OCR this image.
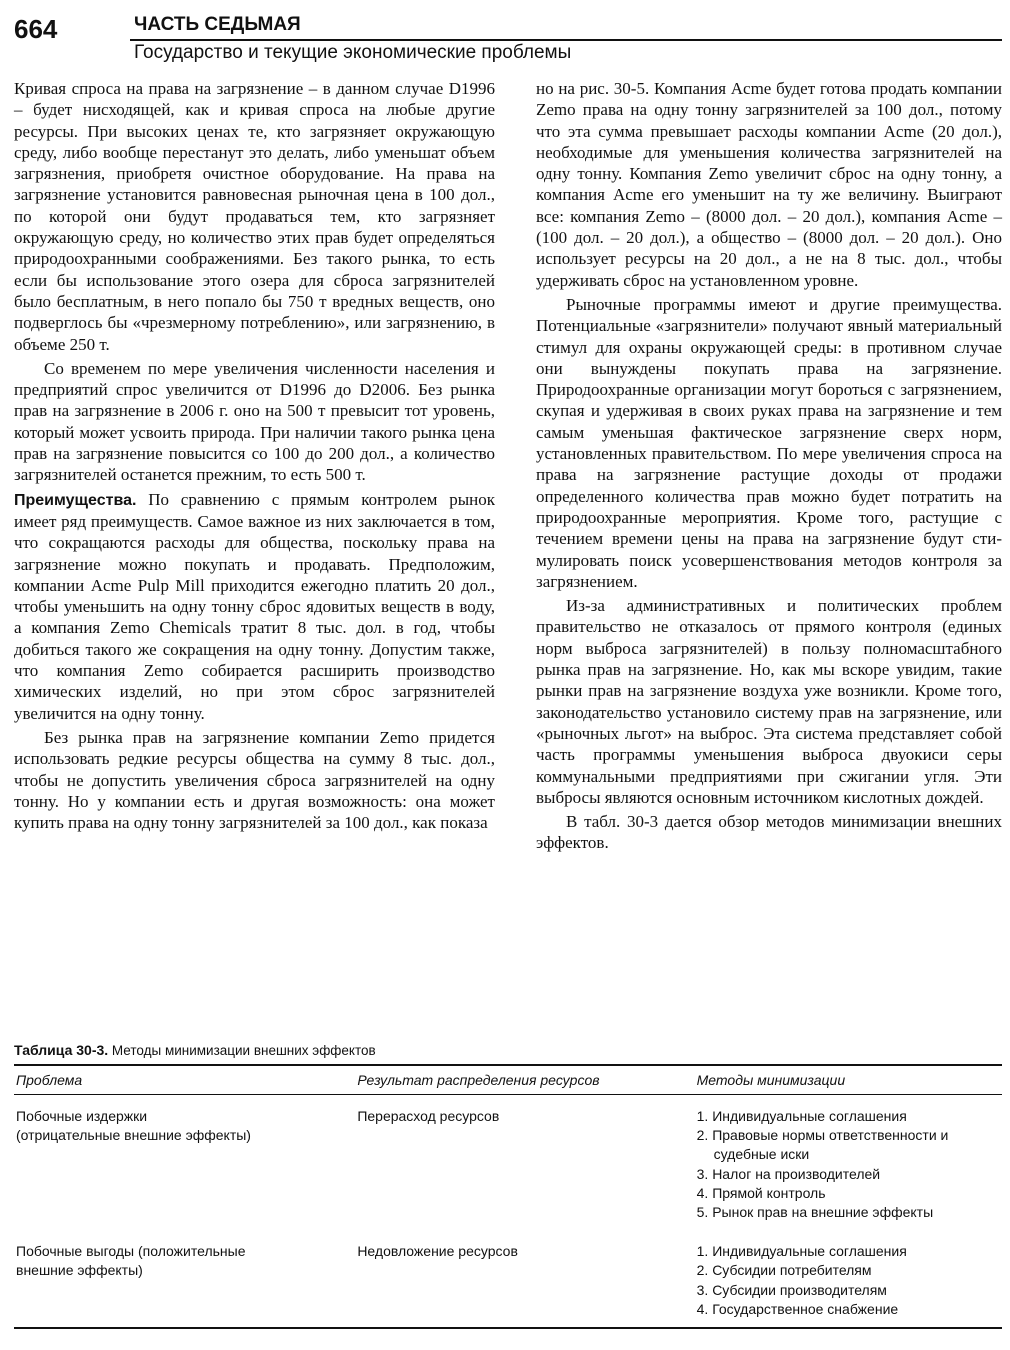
664	ЧАСТЬ СЕДЬМАЯ
Государство и текущие экономические проблемы

Кривая спроса на права на загрязнение – в данном случае D1996 – будет нисходящей, как и кривая спроса на любые другие ресурсы. При высоких ценах те, кто загрязняет окружающую среду, либо вообще перестанут это делать, либо уменьшат объем загрязнения, приобретя очистное оборудование. На права на загрязнение установится равновесная рыночная цена в 100 дол., по которой они будут продаваться тем, кто загрязняет окружающую среду, но количество этих прав будет определяться природоохранными соображениями. Без такого рынка, то есть если бы использование этого озера для сброса загрязнителей было бесплатным, в него попало бы 750 т вредных веществ, оно подверглось бы «чрезмерному потреблению», или загрязнению, в объеме 250 т.

Со временем по мере увеличения численности населения и предприятий спрос увеличится от D1996 до D2006. Без рынка прав на загрязнение в 2006 г. оно на 500 т превысит тот уровень, который может усвоить природа. При наличии такого рынка цена прав на загрязнение повысится со 100 до 200 дол., а количество загрязнителей останется прежним, то есть 500 т.

Преимущества. По сравнению с прямым контролем рынок имеет ряд преимуществ. Самое важное из них заключается в том, что сокращаются расходы для общества, поскольку права на загрязнение можно покупать и продавать. Предположим, компании Acme Pulp Mill приходится ежегодно платить 20 дол., чтобы уменьшить на одну тонну сброс ядовитых веществ в воду, а компания Zemo Chemicals тратит 8 тыс. дол. в год, чтобы добиться такого же сокращения на одну тонну. Допустим также, что компания Zemo собирается расширить производство химических изделий, но при этом сброс загрязнителей увеличится на одну тонну.

Без рынка прав на загрязнение компании Zemo придется использовать редкие ресурсы общества на сумму 8 тыс. дол., чтобы не допустить увеличения сброса загрязнителей на одну тонну. Но у компании есть и другая возможность: она может купить права на одну тонну загрязнителей за 100 дол., как показа

но на рис. 30-5. Компания Acme будет готова продать компании Zemo права на одну тонну загрязнителей за 100 дол., потому что эта сумма превышает расходы компании Acme (20 дол.), необходимые для уменьшения количества загрязнителей на одну тонну. Компания Zemo увеличит сброс на одну тонну, а компания Acme его уменьшит на ту же величину. Выиграют все: компания Zemo – (8000 дол. – 20 дол.), компания Acme – (100 дол. – 20 дол.), а общество – (8000 дол. – 20 дол.). Оно использует ресурсы на 20 дол., а не на 8 тыс. дол., чтобы удерживать сброс на установленном уровне.

Рыночные программы имеют и другие преимущества. Потенциальные «загрязнители» получают явный материальный стимул для охраны окружающей среды: в противном случае они вынуждены покупать права на загрязнение. Природоохранные организации могут бороться с загрязнением, скупая и удерживая в своих руках права на загрязнение и тем самым уменьшая фактическое загрязнение сверх норм, установленных правительством. По мере увеличения спроса на права на загрязнение растущие доходы от продажи определенного количества прав можно будет потратить на природоохранные мероприятия. Кроме того, растущие с течением времени цены на права на загрязнение будут стимулировать поиск усовершенствования методов контроля за загрязнением.

Из-за административных и политических проблем правительство не отказалось от прямого контроля (единых норм выброса загрязнителей) в пользу полномасштабного рынка прав на загрязнение. Но, как мы вскоре увидим, такие рынки прав на загрязнение воздуха уже возникли. Кроме того, законодательство установило систему прав на загрязнение, или «рыночных льгот» на выброс. Эта система представляет собой часть программы уменьшения выброса двуокиси серы коммунальными предприятиями при сжигании угля. Эти выбросы являются основным источником кислотных дождей.

В табл. 30-3 дается обзор методов минимизации внешних эффектов.

Таблица 30-3. Методы минимизации внешних эффектов
Проблема	Результат распределения ресурсов	Методы минимизации
Побочные издержки
(отрицательные внешние эффекты)
Перерасход ресурсов	1. Индивидуальные соглашения
2. Правовые нормы ответственности и судебные иски
3. Налог на производителей
4. Прямой контроль
5. Рынок прав на внешние эффекты
Побочные выгоды (положительные
внешние эффекты)
Недовложение ресурсов	1. Индивидуальные соглашения
2. Субсидии потребителям
3. Субсидии производителям
4. Государственное снабжение
